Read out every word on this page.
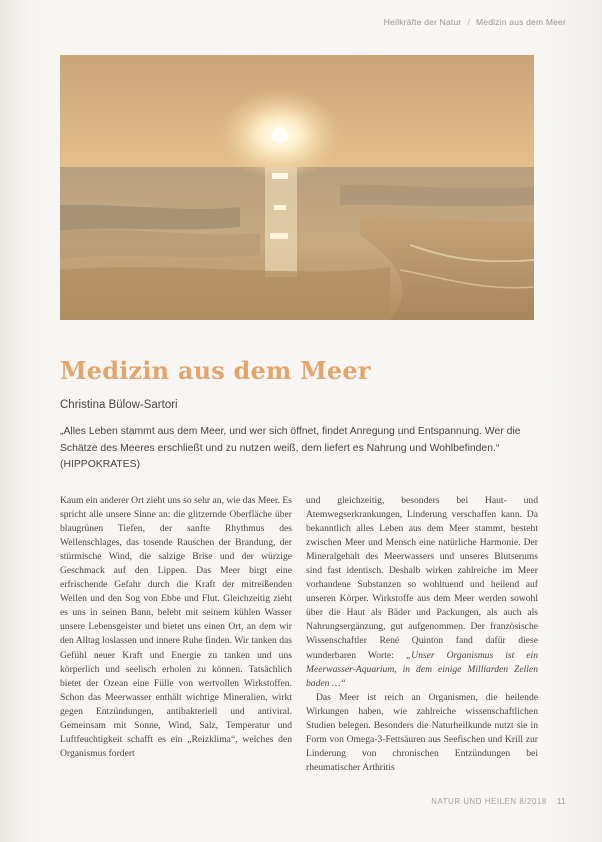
Heilkräfte der Natur / Medizin aus dem Meer
Medizin aus dem Meer

Christina Bülow-Sartori

„Alles Leben stammt aus dem Meer, und wer sich öffnet, findet Anregung und Entspannung. Wer die Schätze des Meeres erschließt und zu nutzen weiß, dem liefert es Nahrung und Wohlbefinden.“ (HIPPOKRATES)

Kaum ein anderer Ort zieht uns so sehr an, wie das Meer. Es spricht alle unsere Sinne an: die glitzernde Oberfläche über blaugrünen Tiefen, der sanfte Rhythmus des Wellenschlages, das tosende Rauschen der Brandung, der stürmische Wind, die salzige Brise und der würzige Geschmack auf den Lippen. Das Meer birgt eine erfrischende Gefahr durch die Kraft der mitreißenden Wellen und den Sog von Ebbe und Flut. Gleichzeitig zieht es uns in seinen Bann, belebt mit seinem kühlen Wasser unsere Lebensgeister und bietet uns einen Ort, an dem wir den Alltag loslassen und innere Ruhe finden. Wir tanken das Gefühl neuer Kraft und Energie zu tanken und uns körperlich und seelisch erholen zu können. Tatsächlich bietet der Ozean eine Fülle von wertvollen Wirkstoffen. Schon das Meerwasser enthält wichtige Mineralien, wirkt gegen Entzündungen, antibakteriell und antiviral. Gemeinsam mit Sonne, Wind, Salz, Temperatur und Luftfeuchtigkeit schafft es ein „Reizklima“, welches den Organismus fordert

und gleichzeitig, besonders bei Haut- und Atemwegserkrankungen, Linderung verschaffen kann. Da bekanntlich alles Leben aus dem Meer stammt, besteht zwischen Meer und Mensch eine natürliche Harmonie. Der Mineralgehalt des Meerwassers und unseres Blutserums sind fast identisch. Deshalb wirken zahlreiche im Meer vorhandene Substanzen so wohltuend und heilend auf unseren Körper. Wirkstoffe aus dem Meer werden sowohl über die Haut als Bäder und Packungen, als auch als Nahrungsergänzung, gut aufgenommen. Der französische Wissenschaftler René Quinton fand dafür diese wunderbaren Worte: „Unser Organismus ist ein Meerwasser-Aquarium, in dem einige Milliarden Zellen baden …“

Das Meer ist reich an Organismen, die heilende Wirkungen haben, wie zahlreiche wissenschaftlichen Studien belegen. Besonders die Naturheilkunde nutzt sie in Form von Omega-3-Fettsäuren aus Seefischen und Krill zur Linderung von chronischen Entzündungen bei rheumatischer Arthritis

NATUR UND HEILEN 8/2018 11
